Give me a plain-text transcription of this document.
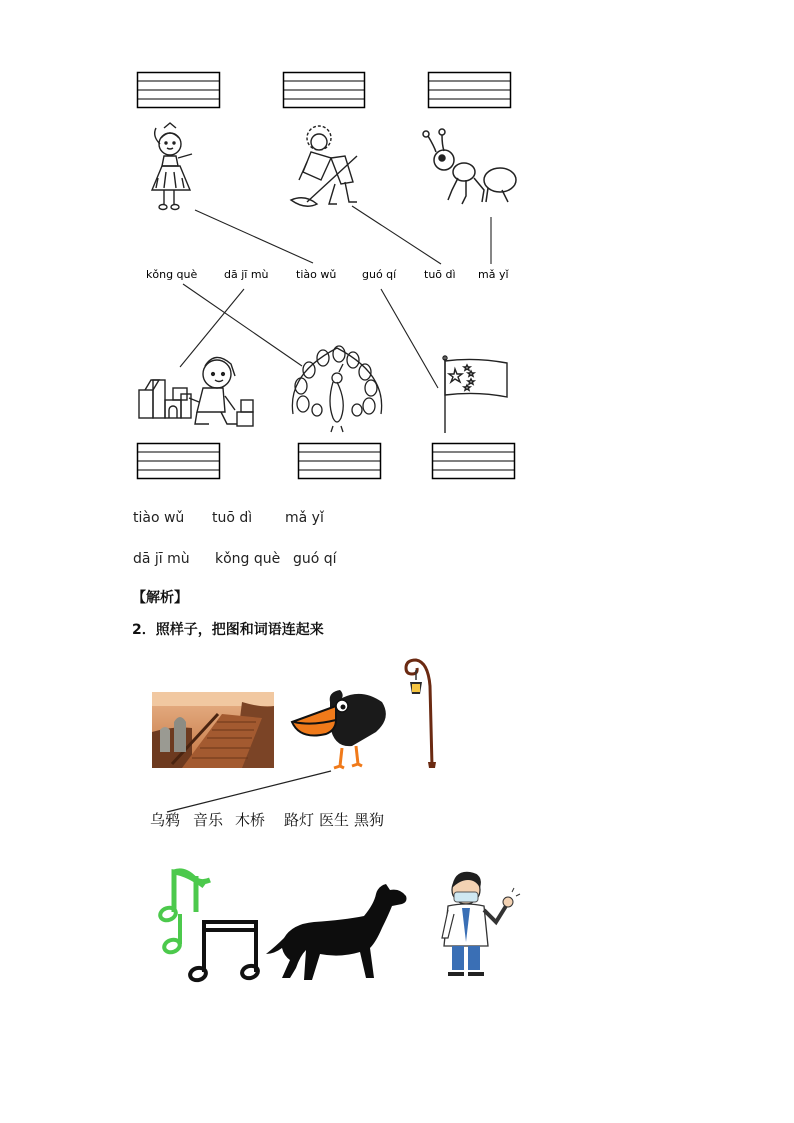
kǒng què dā jī mù tiào wǔ guó qí	tuō dì mǎ yǐ
tiào wǔ tuō dì mǎ yǐ
dā jī mù kǒng què guó qí
【解析】
2．照样子，把图和词语连起来
乌鸦 音乐 木桥 路灯 医生 黑狗
